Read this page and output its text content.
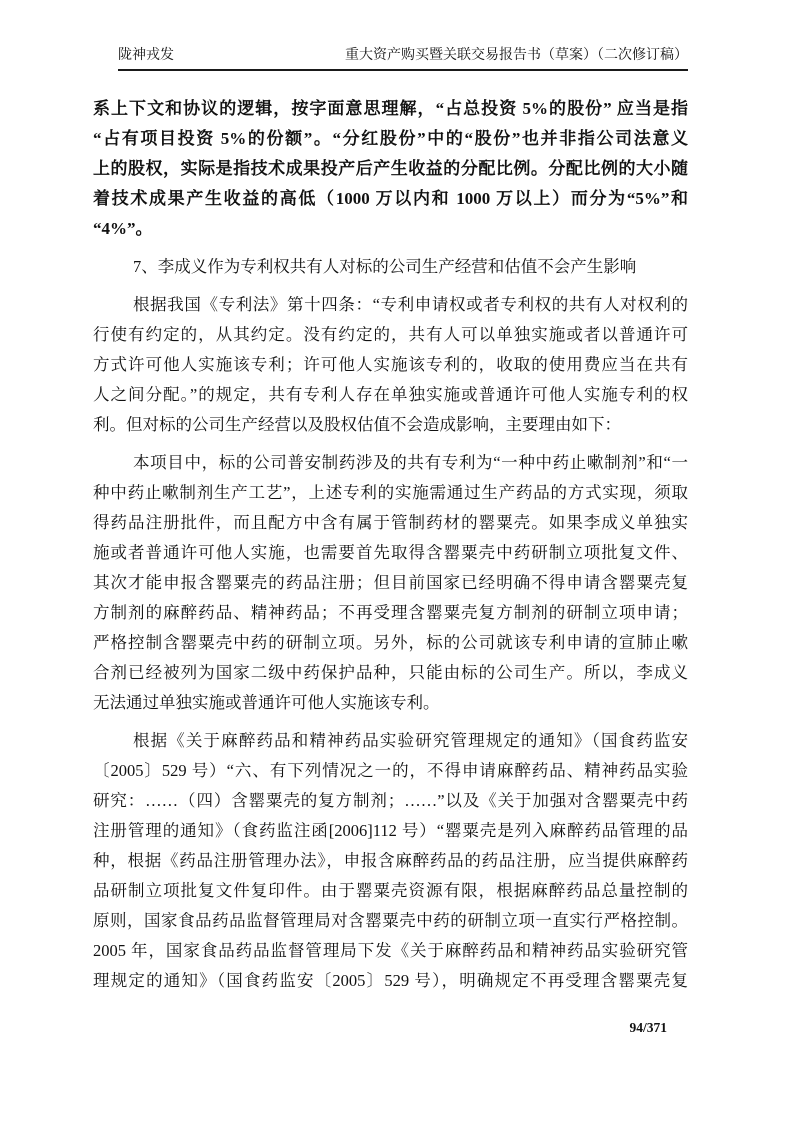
陇神戎发	重大资产购买暨关联交易报告书（草案）（二次修订稿）
系上下文和协议的逻辑，按字面意思理解，“占总投资 5%的股份” 应当是指
“占有项目投资 5%的份额”。“分红股份”中的“股份”也并非指公司法意义
上的股权，实际是指技术成果投产后产生收益的分配比例。分配比例的大小随
着技术成果产生收益的高低（1000 万以内和 1000 万以上）而分为“5%”和
“4%”。
7、李成义作为专利权共有人对标的公司生产经营和估值不会产生影响
根据我国《专利法》第十四条：“专利申请权或者专利权的共有人对权利的
行使有约定的，从其约定。没有约定的，共有人可以单独实施或者以普通许可
方式许可他人实施该专利；许可他人实施该专利的，收取的使用费应当在共有
人之间分配。”的规定，共有专利人存在单独实施或普通许可他人实施专利的权
利。但对标的公司生产经营以及股权估值不会造成影响，主要理由如下：
本项目中，标的公司普安制药涉及的共有专利为“一种中药止嗽制剂”和“一
种中药止嗽制剂生产工艺”，上述专利的实施需通过生产药品的方式实现，须取
得药品注册批件，而且配方中含有属于管制药材的罂粟壳。如果李成义单独实
施或者普通许可他人实施，也需要首先取得含罂粟壳中药研制立项批复文件、
其次才能申报含罂粟壳的药品注册；但目前国家已经明确不得申请含罂粟壳复
方制剂的麻醉药品、精神药品；不再受理含罂粟壳复方制剂的研制立项申请；
严格控制含罂粟壳中药的研制立项。另外，标的公司就该专利申请的宣肺止嗽
合剂已经被列为国家二级中药保护品种，只能由标的公司生产。所以，李成义
无法通过单独实施或普通许可他人实施该专利。
根据《关于麻醉药品和精神药品实验研究管理规定的通知》（国食药监安
〔2005〕529 号）“六、有下列情况之一的，不得申请麻醉药品、精神药品实验
研究：……（四）含罂粟壳的复方制剂；……”以及《关于加强对含罂粟壳中药
注册管理的通知》（食药监注函[2006]112 号）“罂粟壳是列入麻醉药品管理的品
种，根据《药品注册管理办法》，申报含麻醉药品的药品注册，应当提供麻醉药
品研制立项批复文件复印件。由于罂粟壳资源有限，根据麻醉药品总量控制的
原则，国家食品药品监督管理局对含罂粟壳中药的研制立项一直实行严格控制。
2005 年，国家食品药品监督管理局下发《关于麻醉药品和精神药品实验研究管
理规定的通知》（国食药监安〔2005〕529 号），明确规定不再受理含罂粟壳复
94/371
